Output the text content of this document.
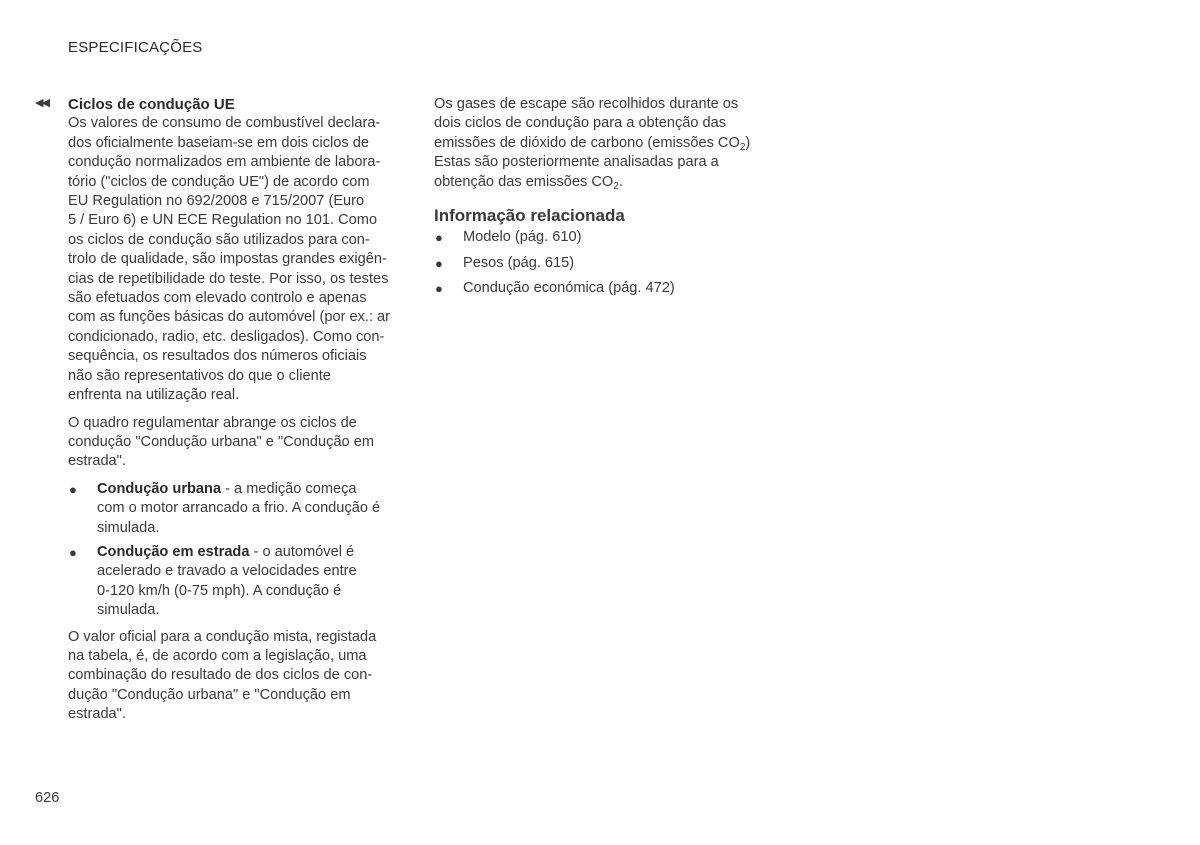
ESPECIFICAÇÕES
◀◀ Ciclos de condução UE

Os valores de consumo de combustível declara-
dos oficialmente baseiam-se em dois ciclos de
condução normalizados em ambiente de labora-
tório ("ciclos de condução UE") de acordo com
EU Regulation no 692/2008 e 715/2007 (Euro
5 / Euro 6) e UN ECE Regulation no 101. Como
os ciclos de condução são utilizados para con-
trolo de qualidade, são impostas grandes exigên-
cias de repetibilidade do teste. Por isso, os testes
são efetuados com elevado controlo e apenas
com as funções básicas do automóvel (por ex.: ar
condicionado, radio, etc. desligados). Como con-
sequência, os resultados dos números oficiais
não são representativos do que o cliente
enfrenta na utilização real.

O quadro regulamentar abrange os ciclos de
condução "Condução urbana" e "Condução em
estrada".

● Condução urbana - a medição começa
com o motor arrancado a frio. A condução é
simulada.
● Condução em estrada - o automóvel é
acelerado e travado a velocidades entre
0-120 km/h (0-75 mph). A condução é
simulada.

O valor oficial para a condução mista, registada
na tabela, é, de acordo com a legislação, uma
combinação do resultado de dos ciclos de con-
dução "Condução urbana" e "Condução em
estrada".

Os gases de escape são recolhidos durante os
dois ciclos de condução para a obtenção das
emissões de dióxido de carbono (emissões $CO_2$)
Estas são posteriormente analisadas para a
obtenção das emissões $CO_2$.

Informação relacionada
● Modelo (pág. 610)
● Pesos (pág. 615)
● Condução económica (pág. 472)
626
